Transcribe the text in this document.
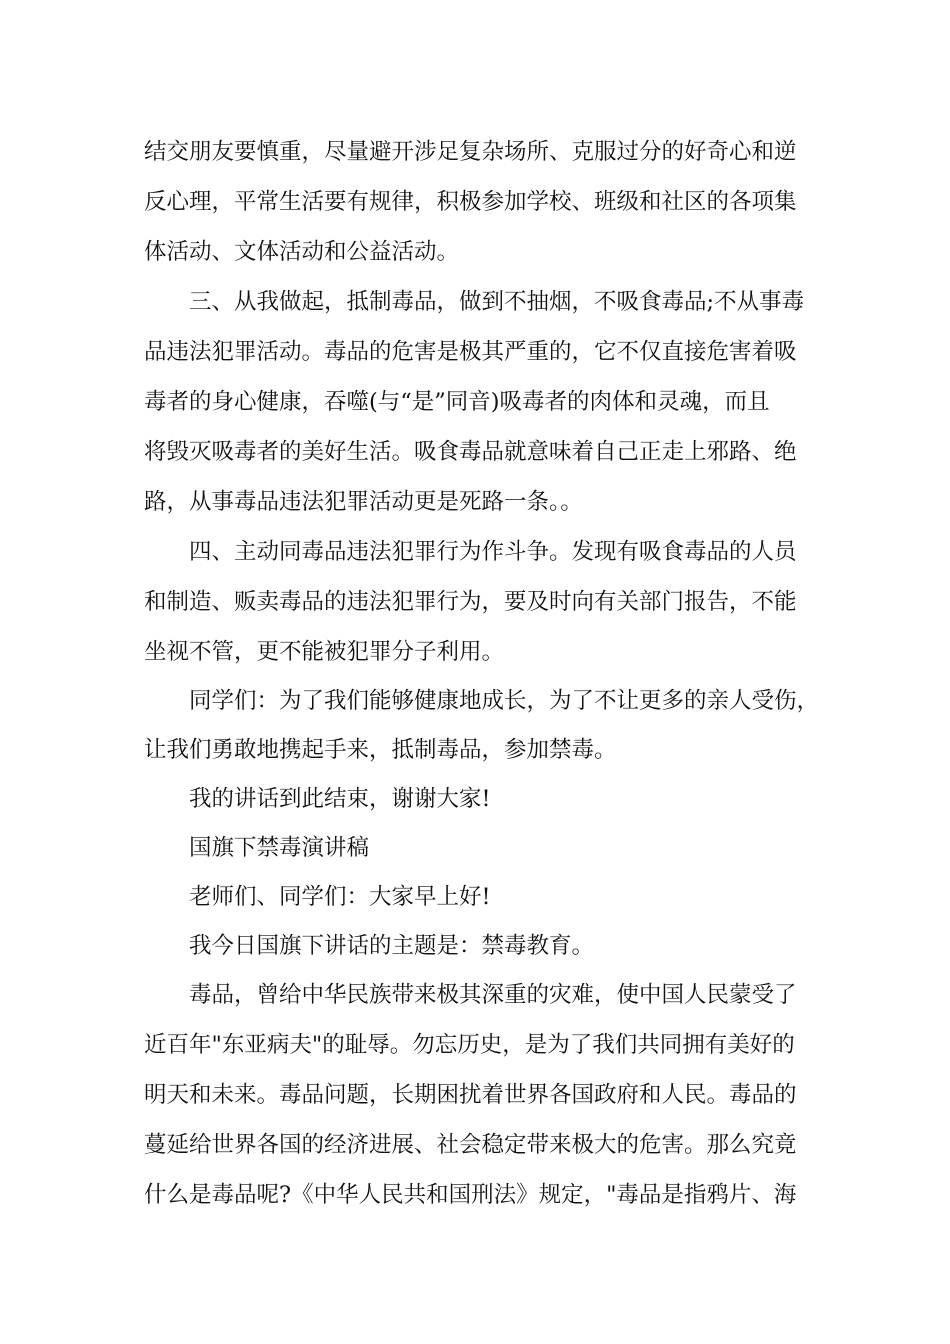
结交朋友要慎重，尽量避开涉足复杂场所、克服过分的好奇心和逆
反心理，平常生活要有规律，积极参加学校、班级和社区的各项集
体活动、文体活动和公益活动。
三、从我做起，抵制毒品，做到不抽烟，不吸食毒品;不从事毒
品违法犯罪活动。毒品的危害是极其严重的，它不仅直接危害着吸
毒者的身心健康，吞噬(与“是”同音)吸毒者的肉体和灵魂，而且
将毁灭吸毒者的美好生活。吸食毒品就意味着自己正走上邪路、绝
路，从事毒品违法犯罪活动更是死路一条。。
四、主动同毒品违法犯罪行为作斗争。发现有吸食毒品的人员
和制造、贩卖毒品的违法犯罪行为，要及时向有关部门报告，不能
坐视不管，更不能被犯罪分子利用。
同学们：为了我们能够健康地成长，为了不让更多的亲人受伤，
让我们勇敢地携起手来，抵制毒品，参加禁毒。
我的讲话到此结束，谢谢大家!
国旗下禁毒演讲稿
老师们、同学们：大家早上好!
我今日国旗下讲话的主题是：禁毒教育。
毒品，曾给中华民族带来极其深重的灾难，使中国人民蒙受了
近百年"东亚病夫"的耻辱。勿忘历史，是为了我们共同拥有美好的
明天和未来。毒品问题，长期困扰着世界各国政府和人民。毒品的
蔓延给世界各国的经济进展、社会稳定带来极大的危害。那么究竟
什么是毒品呢?《中华人民共和国刑法》规定，"毒品是指鸦片、海
